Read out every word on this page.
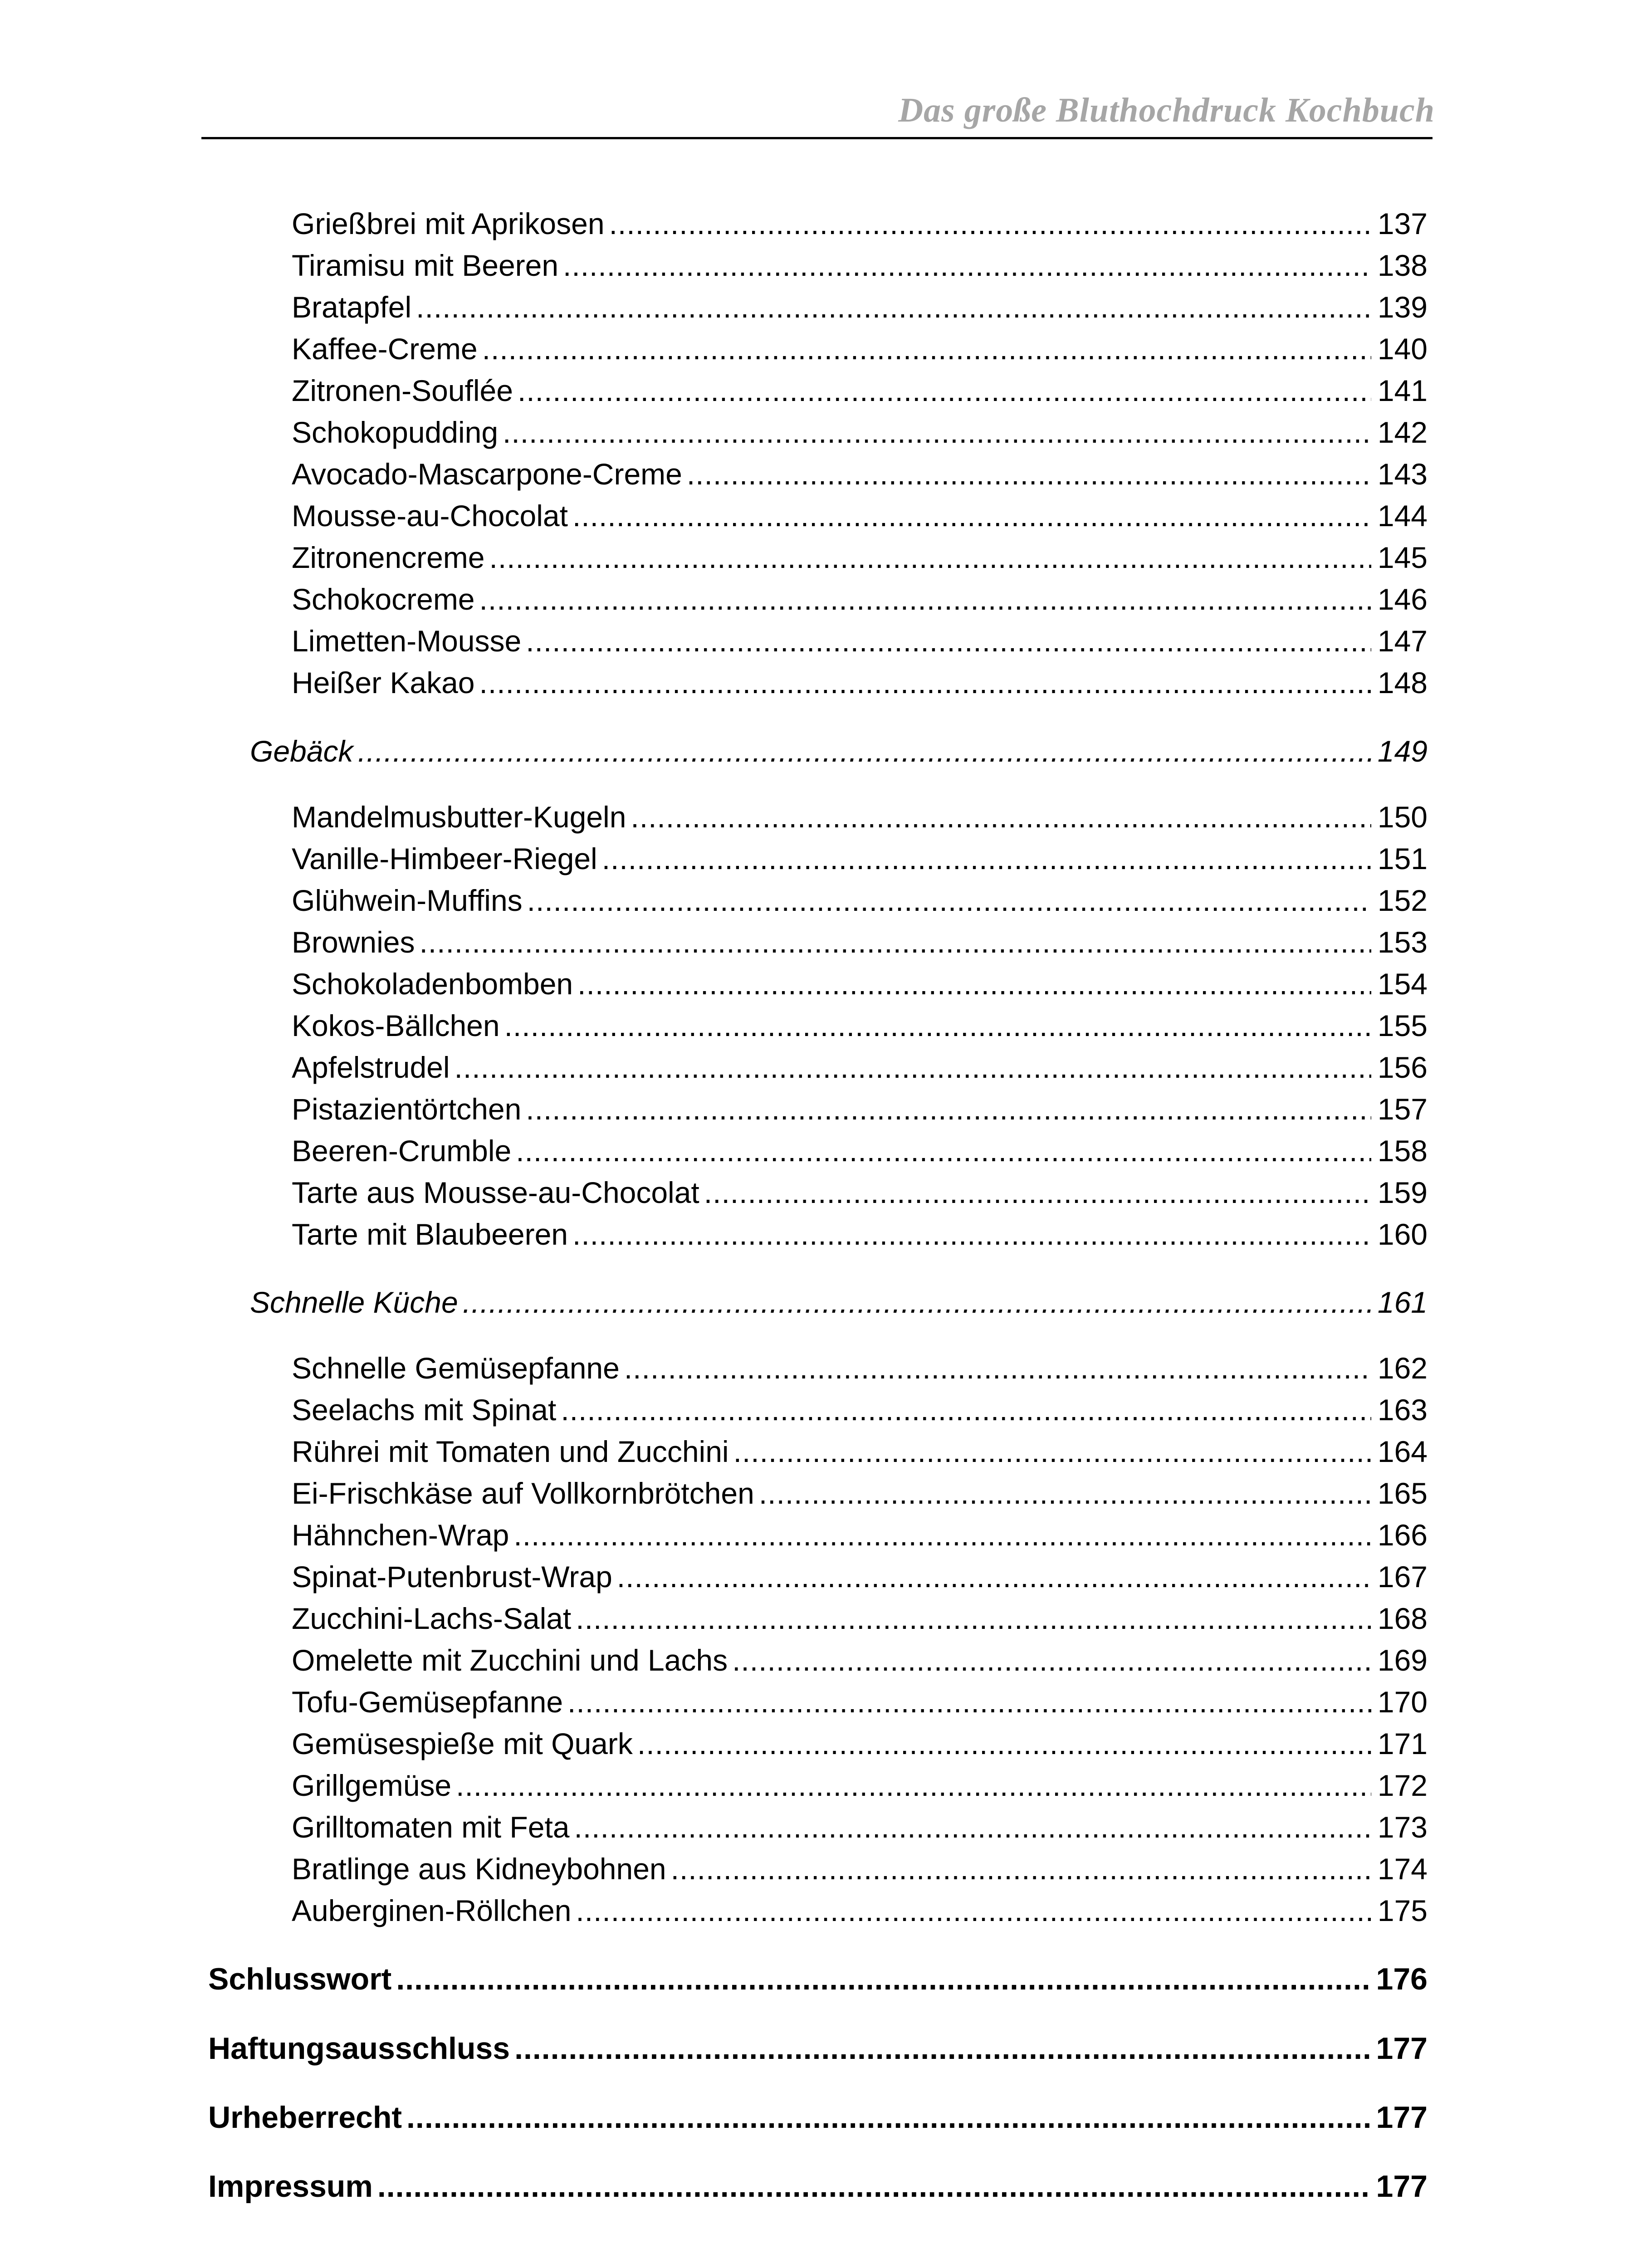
Das große Bluthochdruck Kochbuch
Grießbrei mit Aprikosen .....	137
Tiramisu mit Beeren .....	138
Bratapfel .....	139
Kaffee-Creme .....	140
Zitronen-Souflée .....	141
Schokopudding .....	142
Avocado-Mascarpone-Creme .....	143
Mousse-au-Chocolat .....	144
Zitronencreme .....	145
Schokocreme .....	146
Limetten-Mousse .....	147
Heißer Kakao .....	148
Gebäck .....	149
Mandelmusbutter-Kugeln .....	150
Vanille-Himbeer-Riegel .....	151
Glühwein-Muffins .....	152
Brownies .....	153
Schokoladenbomben .....	154
Kokos-Bällchen .....	155
Apfelstrudel .....	156
Pistazientörtchen .....	157
Beeren-Crumble .....	158
Tarte aus Mousse-au-Chocolat .....	159
Tarte mit Blaubeeren .....	160
Schnelle Küche .....	161
Schnelle Gemüsepfanne .....	162
Seelachs mit Spinat .....	163
Rührei mit Tomaten und Zucchini .....	164
Ei-Frischkäse auf Vollkornbrötchen .....	165
Hähnchen-Wrap .....	166
Spinat-Putenbrust-Wrap .....	167
Zucchini-Lachs-Salat .....	168
Omelette mit Zucchini und Lachs .....	169
Tofu-Gemüsepfanne .....	170
Gemüsespieße mit Quark .....	171
Grillgemüse .....	172
Grilltomaten mit Feta .....	173
Bratlinge aus Kidneybohnen .....	174
Auberginen-Röllchen .....	175
Schlusswort .....	176
Haftungsausschluss .....	177
Urheberrecht .....	177
Impressum .....	177
